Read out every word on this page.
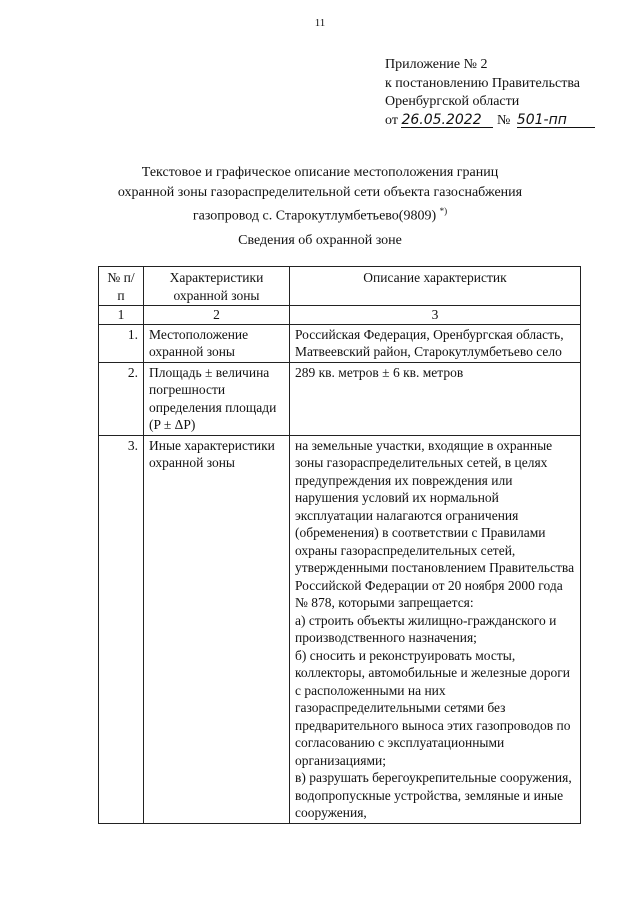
11
Приложение № 2
к постановлению Правительства
Оренбургской области
от 26.05.2022 № 501-пп
Текстовое и графическое описание местоположения границ
охранной зоны газораспределительной сети объекта газоснабжения
газопровод с. Старокутлумбетьево(9809) *)
Сведения об охранной зоне
№ п/п	Характеристики охранной зоны	Описание характеристик
1	2	3
1.	Местоположение охранной зоны	Российская Федерация, Оренбургская область, Матвеевский район, Старокутлумбетьево село
2.	Площадь ± величина погрешности определения площади (P ± ΔP)	289 кв. метров ± 6 кв. метров
3.	Иные характеристики охранной зоны	на земельные участки, входящие в охранные зоны газораспределительных сетей, в целях предупреждения их повреждения или нарушения условий их нормальной эксплуатации налагаются ограничения (обременения) в соответствии с Правилами охраны газораспределительных сетей, утвержденными постановлением Правительства Российской Федерации от 20 ноября 2000 года № 878, которыми запрещается:
а) строить объекты жилищно-гражданского и производственного назначения;
б) сносить и реконструировать мосты, коллекторы, автомобильные и железные дороги с расположенными на них газораспределительными сетями без предварительного выноса этих газопроводов по согласованию с эксплуатационными организациями;
в) разрушать берегоукрепительные сооружения, водопропускные устройства, земляные и иные сооружения,
